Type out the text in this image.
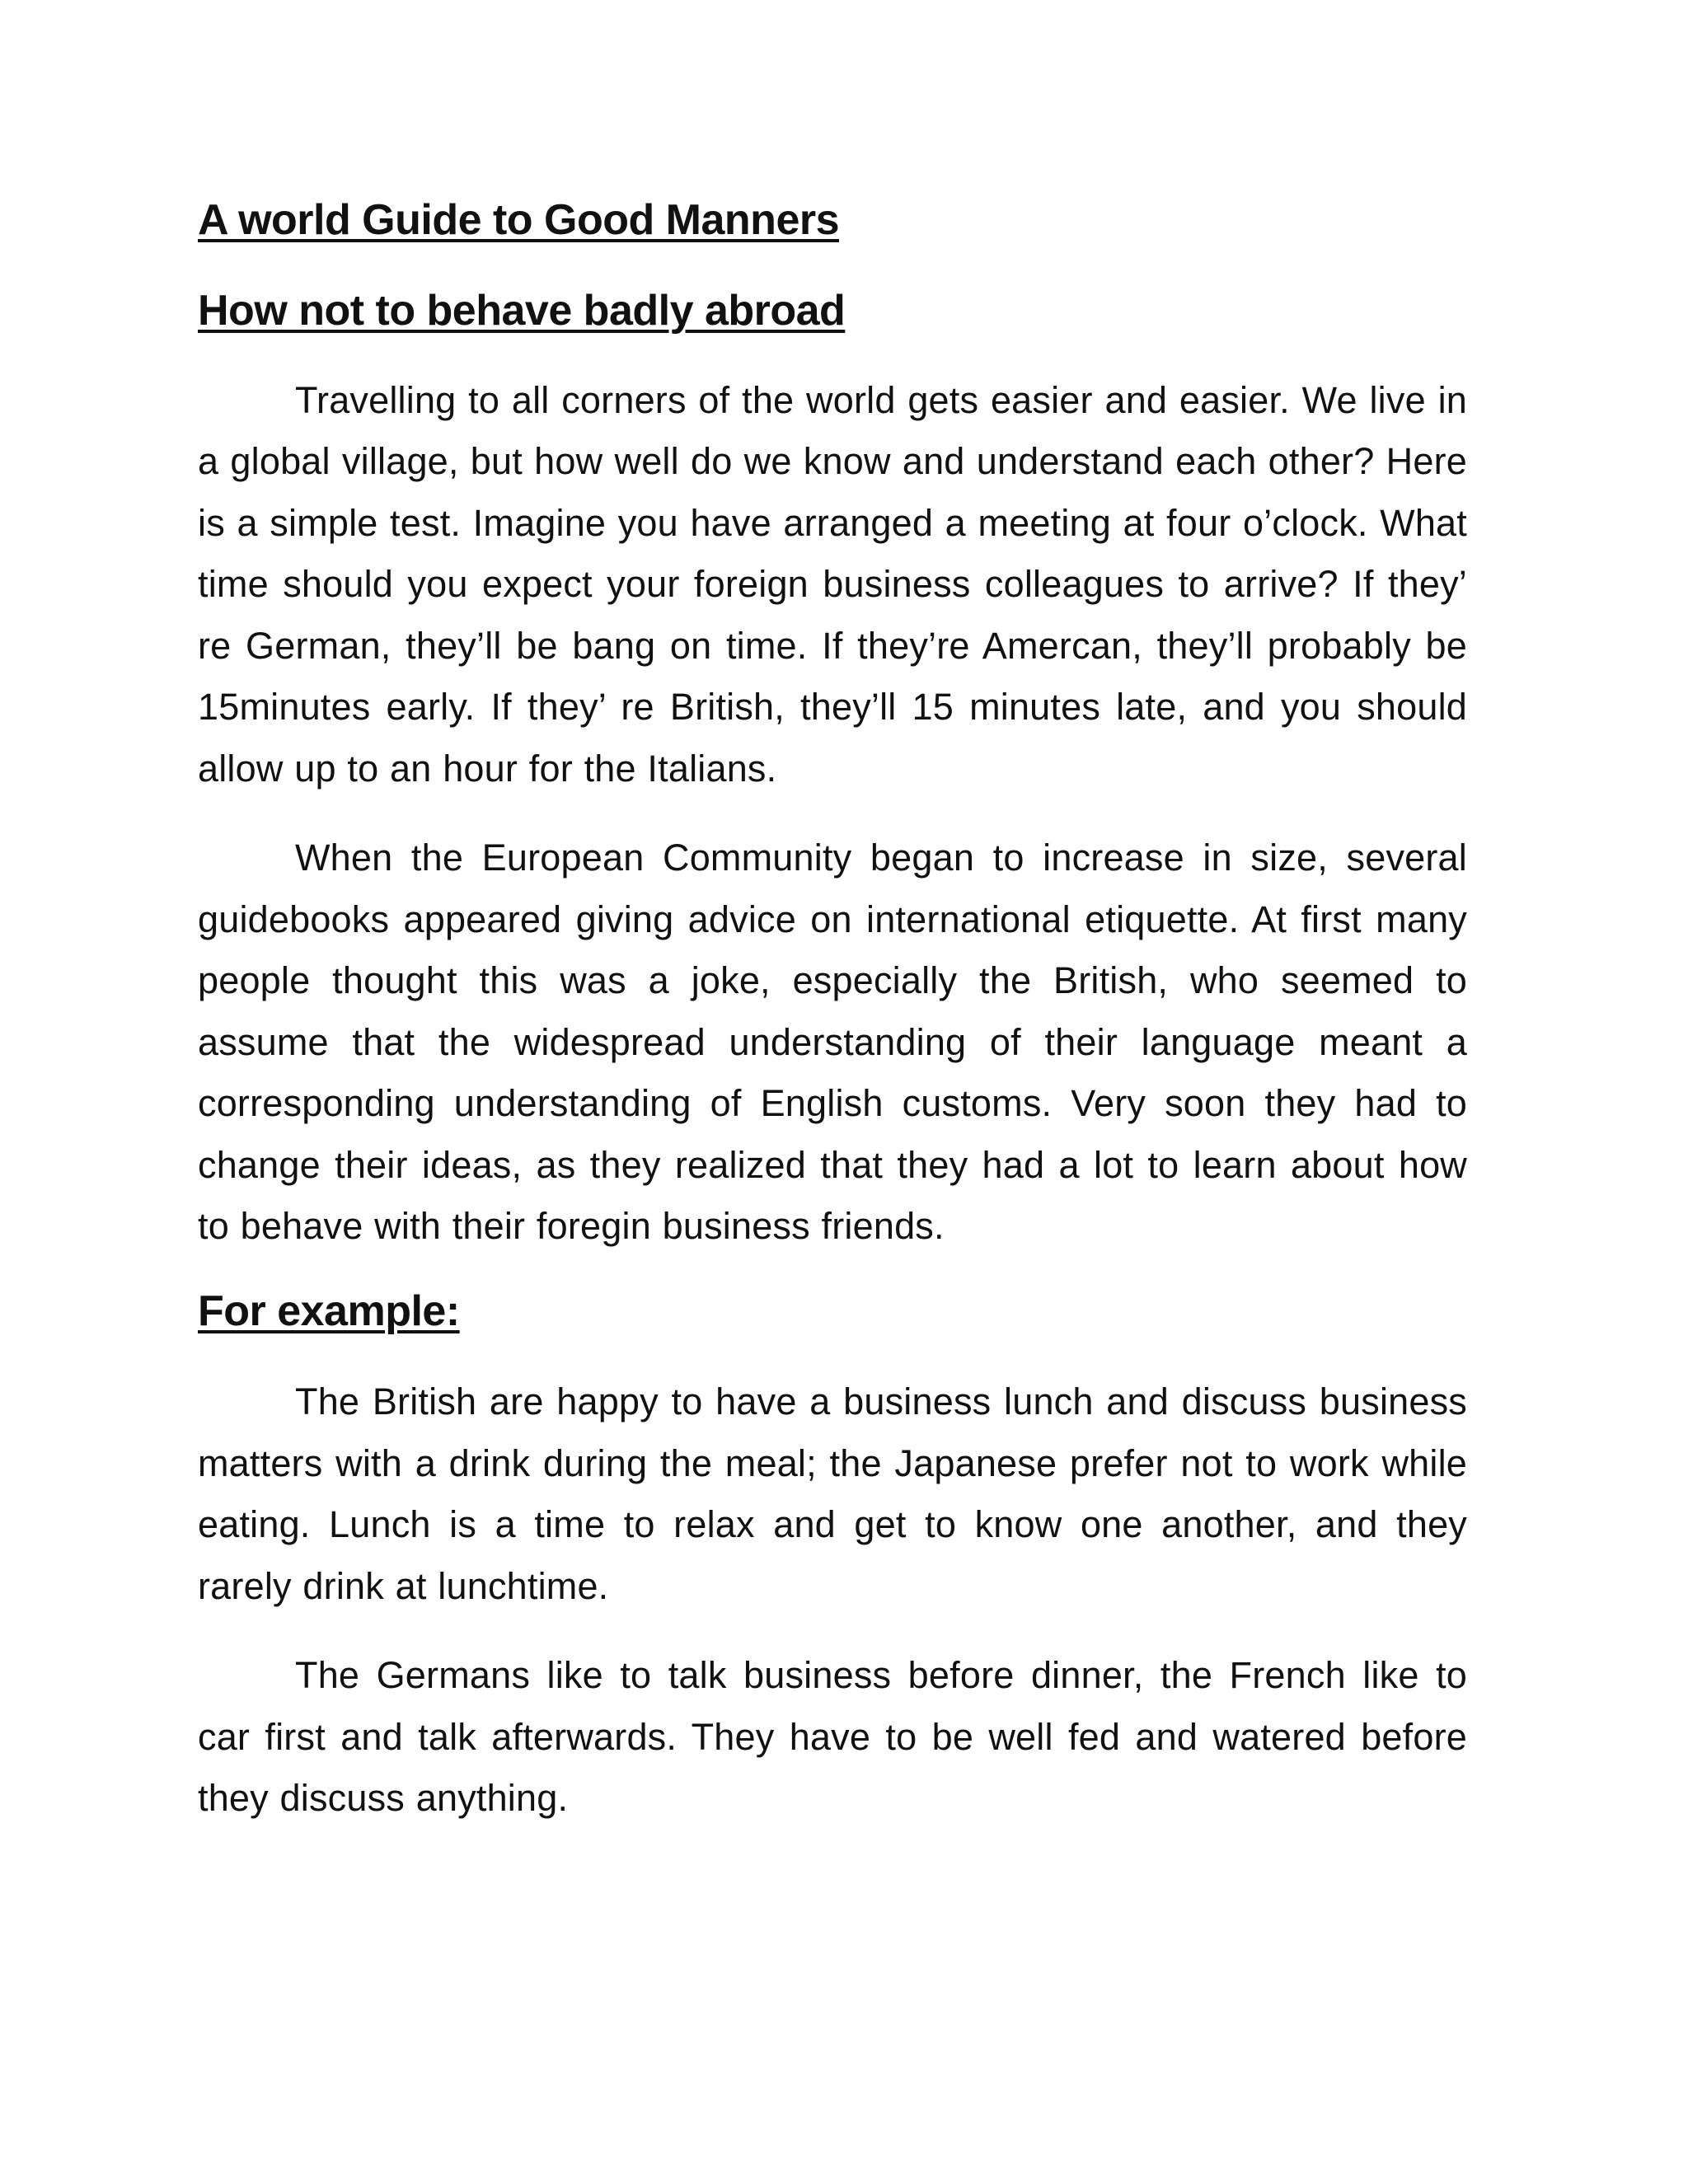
A world Guide to Good Manners
How not to behave badly abroad

Travelling to all corners of the world gets easier and easier. We live in a global village, but how well do we know and understand each other? Here is a simple test. Imagine you have arranged a meeting at four o’clock. What time should you expect your foreign business colleagues to arrive? If they’ re German, they’ll be bang on time. If they’re Amercan, they’ll probably be 15minutes early. If they’ re British, they’ll 15 minutes late, and you should allow up to an hour for the Italians.

When the European Community began to increase in size, several guidebooks appeared giving advice on international etiquette. At first many people thought this was a joke, especially the British, who seemed to assume that the widespread understanding of their language meant a corresponding understanding of English customs. Very soon they had to change their ideas, as they realized that they had a lot to learn about how to behave with their foregin business friends.

For example:

The British are happy to have a business lunch and discuss business matters with a drink during the meal; the Japanese prefer not to work while eating. Lunch is a time to relax and get to know one another, and they rarely drink at lunchtime.

The Germans like to talk business before dinner, the French like to car first and talk afterwards. They have to be well fed and watered before they discuss anything.
